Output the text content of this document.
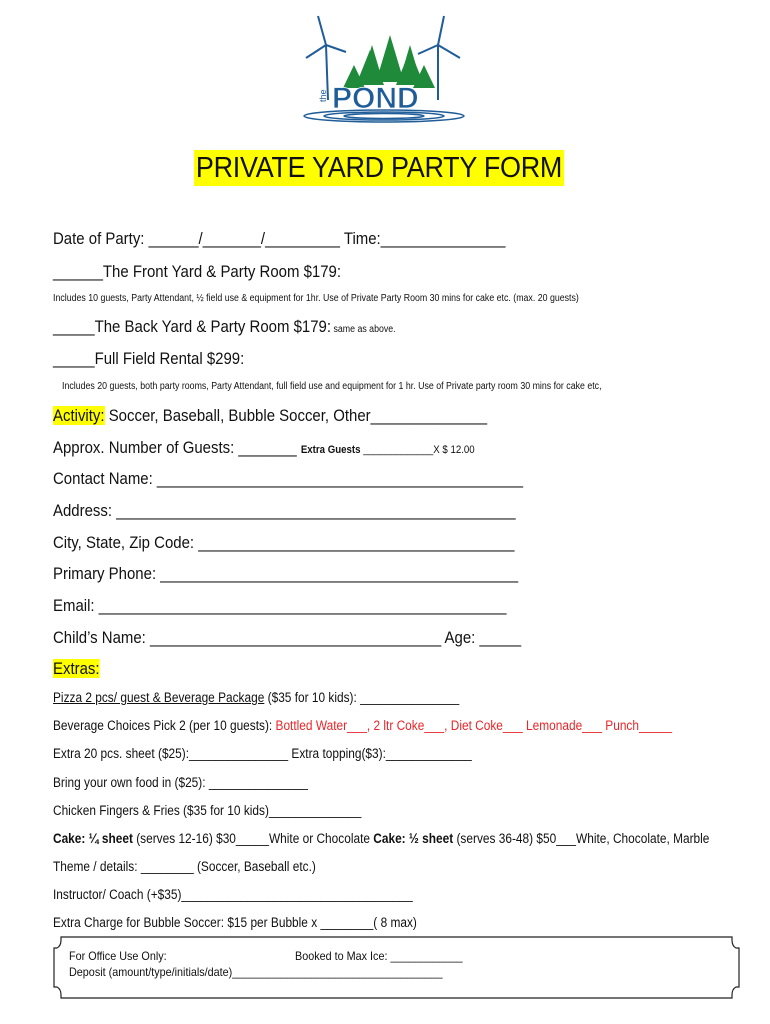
the POND
PRIVATE YARD PARTY FORM
Date of Party: ______/_______/_________ Time:_______________
______The Front Yard & Party Room $179:
Includes 10 guests, Party Attendant, ½ field use & equipment for 1hr. Use of Private Party Room 30 mins for cake etc. (max. 20 guests)
_____The Back Yard & Party Room $179: same as above.
_____Full Field Rental $299:
Includes 20 guests, both party rooms, Party Attendant, full field use and equipment for 1 hr. Use of Private party room 30 mins for cake etc,
Activity: Soccer, Baseball, Bubble Soccer, Other______________
Approx. Number of Guests: _______ Extra Guests _____________X $ 12.00
Contact Name: ____________________________________________
Address: ________________________________________________
City, State, Zip Code: ______________________________________
Primary Phone: ___________________________________________
Email: _________________________________________________
Child’s Name: ___________________________________ Age: _____
Extras:
Pizza 2 pcs/ guest & Beverage Package ($35 for 10 kids): _______________
Beverage Choices Pick 2 (per 10 guests): Bottled Water___, 2 ltr Coke___, Diet Coke___ Lemonade___ Punch_____
Extra 20 pcs. sheet ($25):_______________ Extra topping($3):_____________
Bring your own food in ($25): _______________
Chicken Fingers & Fries ($35 for 10 kids)______________
Cake: ¼ sheet (serves 12-16) $30_____White or Chocolate Cake: ½ sheet (serves 36-48) $50___White, Chocolate, Marble
Theme / details: ________ (Soccer, Baseball etc.)
Instructor/ Coach (+$35)___________________________________
Extra Charge for Bubble Soccer: $15 per Bubble x ________( 8 max)
For Office Use Only:	Booked to Max Ice: ____________
Deposit (amount/type/initials/date)___________________________________
